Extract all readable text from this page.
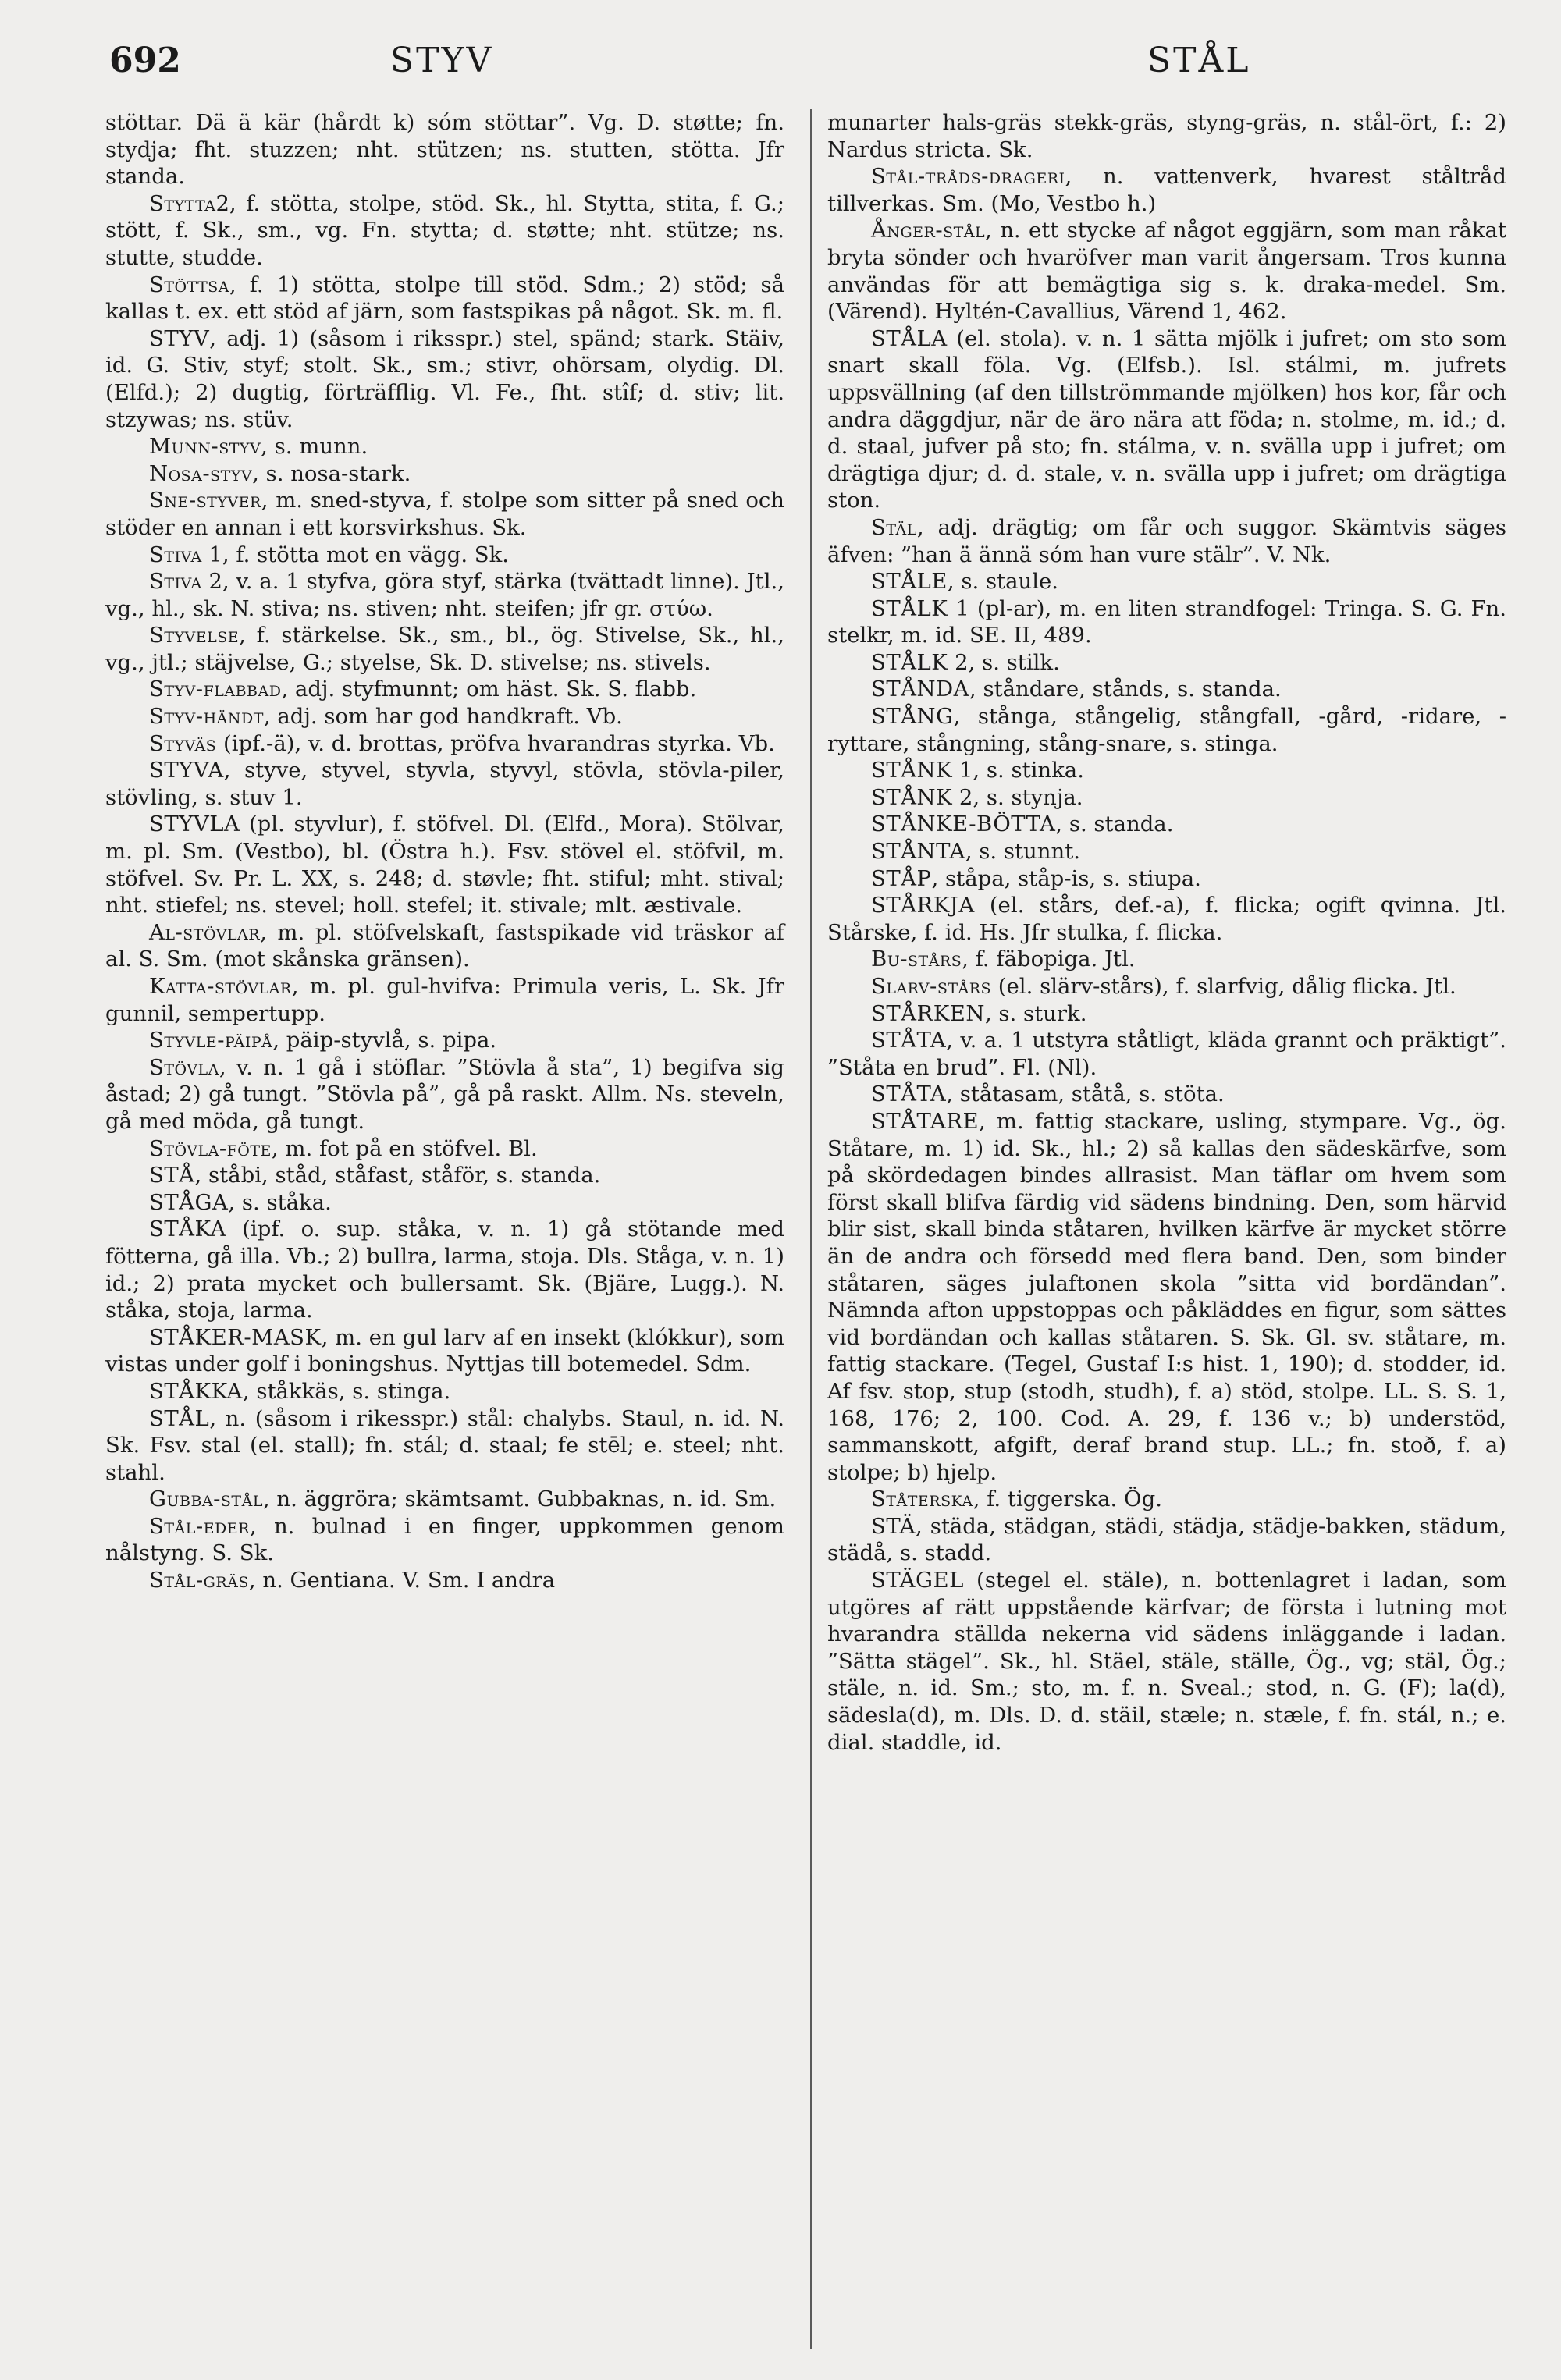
692	STYV	STÅL
stöttar. Dä ä kär (hårdt k) sóm stöttar”. Vg. D. støtte; fn. stydja; fht. stuzzen; nht. stützen; ns. stutten, stötta. Jfr standa.
Stytta2, f. stötta, stolpe, stöd. Sk., hl. Stytta, stita, f. G.; stött, f. Sk., sm., vg. Fn. stytta; d. støtte; nht. stütze; ns. stutte, studde.
Stöttsa, f. 1) stötta, stolpe till stöd. Sdm.; 2) stöd; så kallas t. ex. ett stöd af järn, som fastspikas på något. Sk. m. fl.
STYV, adj. 1) (såsom i riksspr.) stel, spänd; stark. Stäiv, id. G. Stiv, styf; stolt. Sk., sm.; stivr, ohörsam, olydig. Dl. (Elfd.); 2) dugtig, förträfflig. Vl. Fe., fht. stîf; d. stiv; lit. stzywas; ns. stüv.
Munn-styv, s. munn.
Nosa-styv, s. nosa-stark.
Sne-styver, m. sned-styva, f. stolpe som sitter på sned och stöder en annan i ett korsvirkshus. Sk.
Stiva 1, f. stötta mot en vägg. Sk.
Stiva 2, v. a. 1 styfva, göra styf, stärka (tvättadt linne). Jtl., vg., hl., sk. N. stiva; ns. stiven; nht. steifen; jfr gr. στύω.
Styvelse, f. stärkelse. Sk., sm., bl., ög. Stivelse, Sk., hl., vg., jtl.; stäjvelse, G.; styelse, Sk. D. stivelse; ns. stivels.
Styv-flabbad, adj. styfmunnt; om häst. Sk. S. flabb.
Styv-händt, adj. som har god handkraft. Vb.
Styväs (ipf.-ä), v. d. brottas, pröfva hvarandras styrka. Vb.
STYVA, styve, styvel, styvla, styvyl, stövla, stövla-piler, stövling, s. stuv 1.
STYVLA (pl. styvlur), f. stöfvel. Dl. (Elfd., Mora). Stölvar, m. pl. Sm. (Vestbo), bl. (Östra h.). Fsv. stövel el. stöfvil, m. stöfvel. Sv. Pr. L. XX, s. 248; d. støvle; fht. stiful; mht. stival; nht. stiefel; ns. stevel; holl. stefel; it. stivale; mlt. æstivale.
Al-stövlar, m. pl. stöfvelskaft, fastspikade vid träskor af al. S. Sm. (mot skånska gränsen).
Katta-stövlar, m. pl. gul-hvifva: Primula veris, L. Sk. Jfr gunnil, sempertupp.
Styvle-päipå, päip-styvlå, s. pipa.
Stövla, v. n. 1 gå i stöflar. ”Stövla å sta”, 1) begifva sig åstad; 2) gå tungt. ”Stövla på”, gå på raskt. Allm. Ns. steveln, gå med möda, gå tungt.
Stövla-föte, m. fot på en stöfvel. Bl.
STÅ, ståbi, ståd, ståfast, ståför, s. standa.
STÅGA, s. ståka.
STÅKA (ipf. o. sup. ståka, v. n. 1) gå stötande med fötterna, gå illa. Vb.; 2) bullra, larma, stoja. Dls. Ståga, v. n. 1) id.; 2) prata mycket och bullersamt. Sk. (Bjäre, Lugg.). N. ståka, stoja, larma.
STÅKER-MASK, m. en gul larv af en insekt (klókkur), som vistas under golf i boningshus. Nyttjas till botemedel. Sdm.
STÅKKA, ståkkäs, s. stinga.
STÅL, n. (såsom i rikesspr.) stål: chalybs. Staul, n. id. N. Sk. Fsv. stal (el. stall); fn. stál; d. staal; fe stēl; e. steel; nht. stahl.
Gubba-stål, n. äggröra; skämtsamt. Gubbaknas, n. id. Sm.
Stål-eder, n. bulnad i en finger, uppkommen genom nålstyng. S. Sk.
Stål-gräs, n. Gentiana. V. Sm. I andra
munarter hals-gräs stekk-gräs, styng-gräs, n. stål-ört, f.: 2) Nardus stricta. Sk.
Stål-tråds-drageri, n. vattenverk, hvarest ståltråd tillverkas. Sm. (Mo, Vestbo h.)
Ånger-stål, n. ett stycke af något eggjärn, som man råkat bryta sönder och hvaröfver man varit ångersam. Tros kunna användas för att bemägtiga sig s. k. draka-medel. Sm. (Värend). Hyltén-Cavallius, Värend 1, 462.
STÅLA (el. stola). v. n. 1 sätta mjölk i jufret; om sto som snart skall föla. Vg. (Elfsb.). Isl. stálmi, m. jufrets uppsvällning (af den tillströmmande mjölken) hos kor, får och andra däggdjur, när de äro nära att föda; n. stolme, m. id.; d. d. staal, jufver på sto; fn. stálma, v. n. svälla upp i jufret; om drägtiga djur; d. d. stale, v. n. svälla upp i jufret; om drägtiga ston.
Stäl, adj. drägtig; om får och suggor. Skämtvis säges äfven: ”han ä ännä sóm han vure stälr”. V. Nk.
STÅLE, s. staule.
STÅLK 1 (pl-ar), m. en liten strandfogel: Tringa. S. G. Fn. stelkr, m. id. SE. II, 489.
STÅLK 2, s. stilk.
STÅNDA, ståndare, stånds, s. standa.
STÅNG, stånga, stångelig, stångfall, -gård, -ridare, -ryttare, stångning, stång-snare, s. stinga.
STÅNK 1, s. stinka.
STÅNK 2, s. stynja.
STÅNKE-BÖTTA, s. standa.
STÅNTA, s. stunnt.
STÅP, ståpa, ståp-is, s. stiupa.
STÅRKJA (el. stårs, def.-a), f. flicka; ogift qvinna. Jtl. Stårske, f. id. Hs. Jfr stulka, f. flicka.
Bu-stårs, f. fäbopiga. Jtl.
Slarv-stårs (el. slärv-stårs), f. slarfvig, dålig flicka. Jtl.
STÅRKEN, s. sturk.
STÅTA, v. a. 1 utstyra ståtligt, kläda grannt och präktigt”. ”Ståta en brud”. Fl. (Nl).
STÅTA, ståtasam, ståtå, s. stöta.
STÅTARE, m. fattig stackare, usling, stympare. Vg., ög. Ståtare, m. 1) id. Sk., hl.; 2) så kallas den sädeskärfve, som på skördedagen bindes allrasist. Man täflar om hvem som först skall blifva färdig vid sädens bindning. Den, som härvid blir sist, skall binda ståtaren, hvilken kärfve är mycket större än de andra och försedd med flera band. Den, som binder ståtaren, säges julaftonen skola ”sitta vid bordändan”. Nämnda afton uppstoppas och påkläddes en figur, som sättes vid bordändan och kallas ståtaren. S. Sk. Gl. sv. ståtare, m. fattig stackare. (Tegel, Gustaf I:s hist. 1, 190); d. stodder, id. Af fsv. stop, stup (stodh, studh), f. a) stöd, stolpe. LL. S. S. 1, 168, 176; 2, 100. Cod. A. 29, f. 136 v.; b) understöd, sammanskott, afgift, deraf brand stup. LL.; fn. stoð, f. a) stolpe; b) hjelp.
Ståterska, f. tiggerska. Ög.
STÄ, städa, städgan, städi, städja, städje-bakken, städum, städå, s. stadd.
STÄGEL (stegel el. stäle), n. bottenlagret i ladan, som utgöres af rätt uppstående kärfvar; de första i lutning mot hvarandra ställda nekerna vid sädens inläggande i ladan. ”Sätta stägel”. Sk., hl. Stäel, stäle, ställe, Ög., vg; stäl, Ög.; stäle, n. id. Sm.; sto, m. f. n. Sveal.; stod, n. G. (F); la(d), sädesla(d), m. Dls. D. d. stäil, stæle; n. stæle, f. fn. stál, n.; e. dial. staddle, id.
